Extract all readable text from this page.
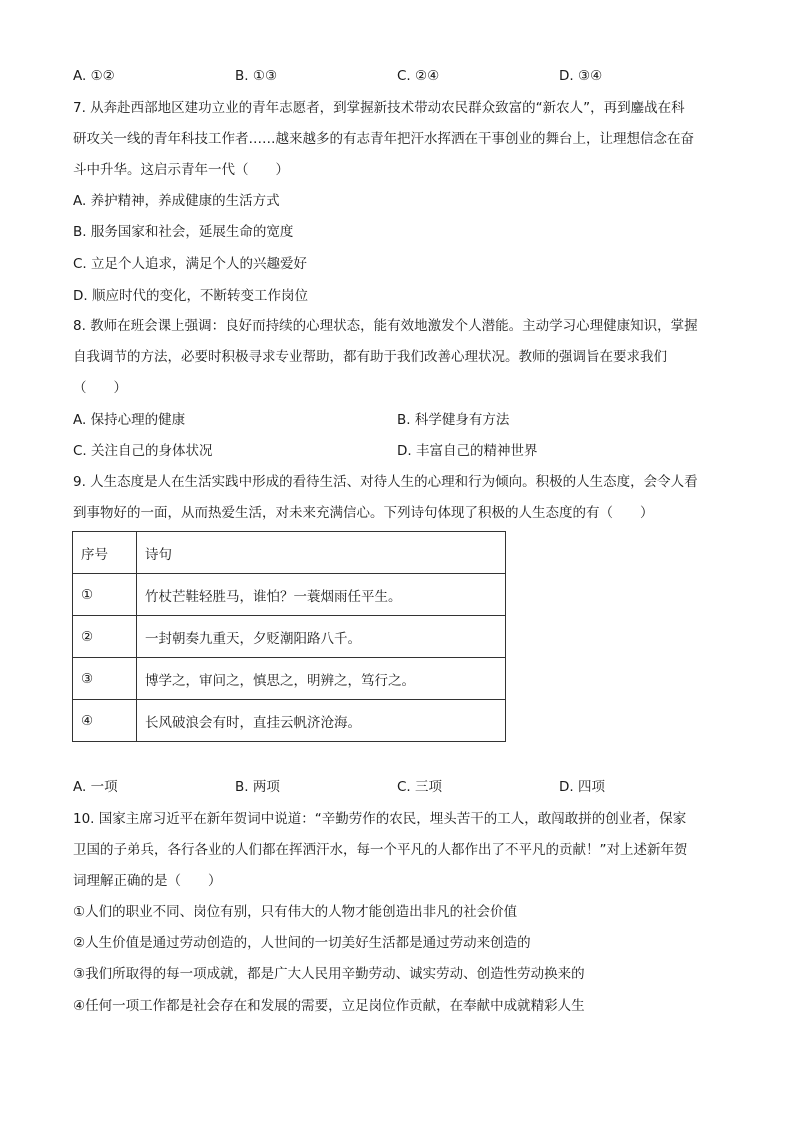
A. ①②	B. ①③	C. ②④	D. ③④
7. 从奔赴西部地区建功立业的青年志愿者，到掌握新技术带动农民群众致富的“新农人”，再到鏖战在科
研攻关一线的青年科技工作者……越来越多的有志青年把汗水挥洒在干事创业的舞台上，让理想信念在奋
斗中升华。这启示青年一代（　　）
A. 养护精神，养成健康的生活方式
B. 服务国家和社会，延展生命的宽度
C. 立足个人追求，满足个人的兴趣爱好
D. 顺应时代的变化，不断转变工作岗位
8. 教师在班会课上强调：良好而持续的心理状态，能有效地激发个人潜能。主动学习心理健康知识，掌握
自我调节的方法，必要时积极寻求专业帮助，都有助于我们改善心理状况。教师的强调旨在要求我们
（　　）
A. 保持心理的健康	B. 科学健身有方法
C. 关注自己的身体状况	D. 丰富自己的精神世界
9. 人生态度是人在生活实践中形成的看待生活、对待人生的心理和行为倾向。积极的人生态度，会令人看
到事物好的一面，从而热爱生活，对未来充满信心。下列诗句体现了积极的人生态度的有（　　）
序号	诗句
①	竹杖芒鞋轻胜马，谁怕？一蓑烟雨任平生。
②	一封朝奏九重天，夕贬潮阳路八千。
③	博学之，审问之，慎思之，明辨之，笃行之。
④	长风破浪会有时，直挂云帆济沧海。
A. 一项	B. 两项	C. 三项	D. 四项
10. 国家主席习近平在新年贺词中说道：“辛勤劳作的农民，埋头苦干的工人，敢闯敢拼的创业者，保家
卫国的子弟兵，各行各业的人们都在挥洒汗水，每一个平凡的人都作出了不平凡的贡献！”对上述新年贺
词理解正确的是（　　）
①人们的职业不同、岗位有别，只有伟大的人物才能创造出非凡的社会价值
②人生价值是通过劳动创造的，人世间的一切美好生活都是通过劳动来创造的
③我们所取得的每一项成就，都是广大人民用辛勤劳动、诚实劳动、创造性劳动换来的
④任何一项工作都是社会存在和发展的需要，立足岗位作贡献，在奉献中成就精彩人生
